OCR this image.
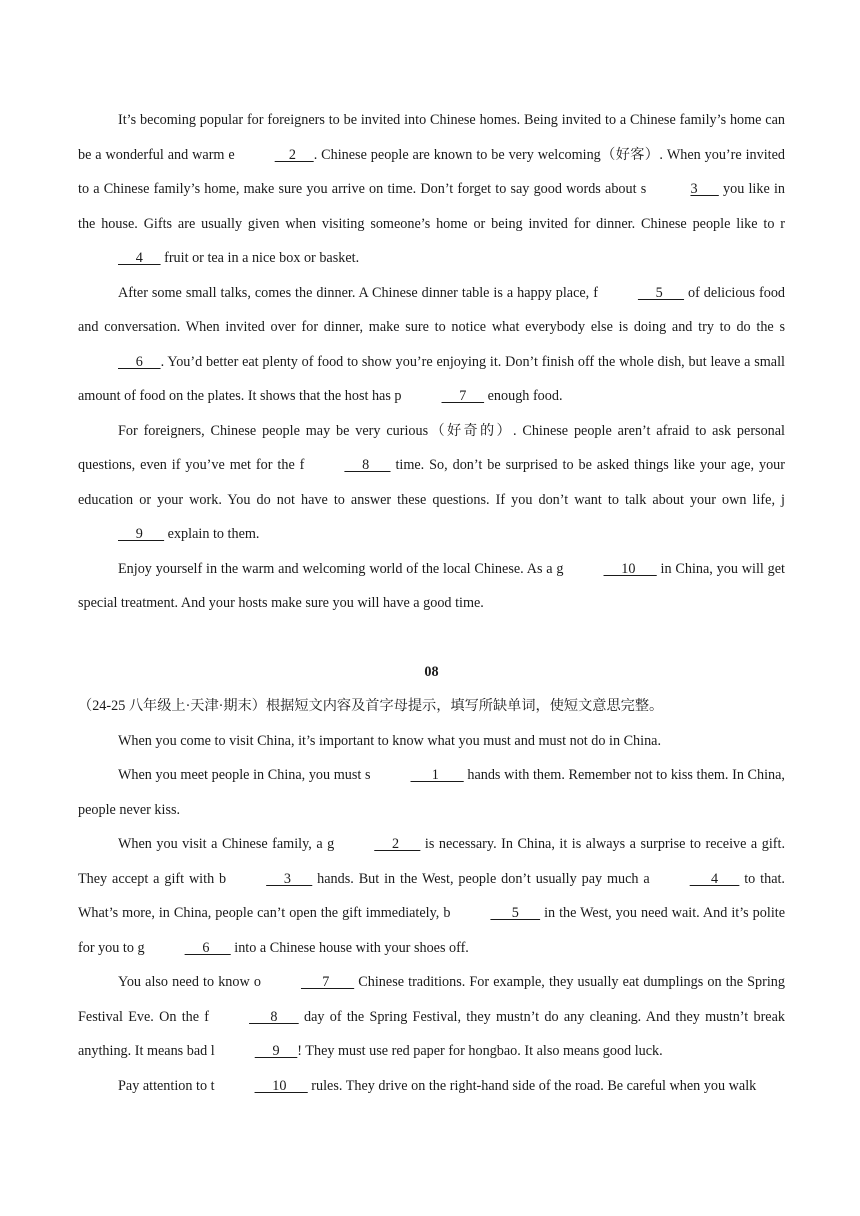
It’s becoming popular for foreigners to be invited into Chinese homes. Being invited to a Chinese family’s home can be a wonderful and warm e	2     . Chinese people are known to be very welcoming（好客）. When you’re invited to a Chinese family’s home, make sure you arrive on time. Don’t forget to say good words about s	3       you like in the house. Gifts are usually given when visiting someone’s home or being invited for dinner. Chinese people like to r     4      fruit or tea in a nice box or basket.

After some small talks, comes the dinner. A Chinese dinner table is a happy place, f	5       of delicious food and conversation. When invited over for dinner, make sure to notice what everybody else is doing and try to do the s     6     . You’d better eat plenty of food to show you’re enjoying it. Don’t finish off the whole dish, but leave a small amount of food on the plates. It shows that the host has p	7      enough food.

For foreigners, Chinese people may be very curious（好奇的）. Chinese people aren’t afraid to ask personal questions, even if you’ve met for the f	8       time. So, don’t be surprised to be asked things like your age, your education or your work. You do not have to answer these questions. If you don’t want to talk about your own life, j     9       explain to them.

Enjoy yourself in the warm and welcoming world of the local Chinese. As a g	10       in China, you will get special treatment. And your hosts make sure you will have a good time.

08

（24-25 八年级上·天津·期末）根据短文内容及首字母提示，填写所缺单词，使短文意思完整。

When you come to visit China, it’s important to know what you must and must not do in China.

When you meet people in China, you must s	1        hands with them. Remember not to kiss them. In China, people never kiss.

When you visit a Chinese family, a g	2       is necessary. In China, it is always a surprise to receive a gift. They accept a gift with b	3       hands. But in the West, people don’t usually pay much a	4       to that. What’s more, in China, people can’t open the gift immediately, b	5       in the West, you need wait. And it’s polite for you to g	6       into a Chinese house with your shoes off.

You also need to know o	7        Chinese traditions. For example, they usually eat dumplings on the Spring Festival Eve. On the f	8       day of the Spring Festival, they mustn’t do any cleaning. And they mustn’t break anything. It means bad l	9     ! They must use red paper for hongbao. It also means good luck.

Pay attention to t	10       rules. They drive on the right-hand side of the road. Be careful when you walk
